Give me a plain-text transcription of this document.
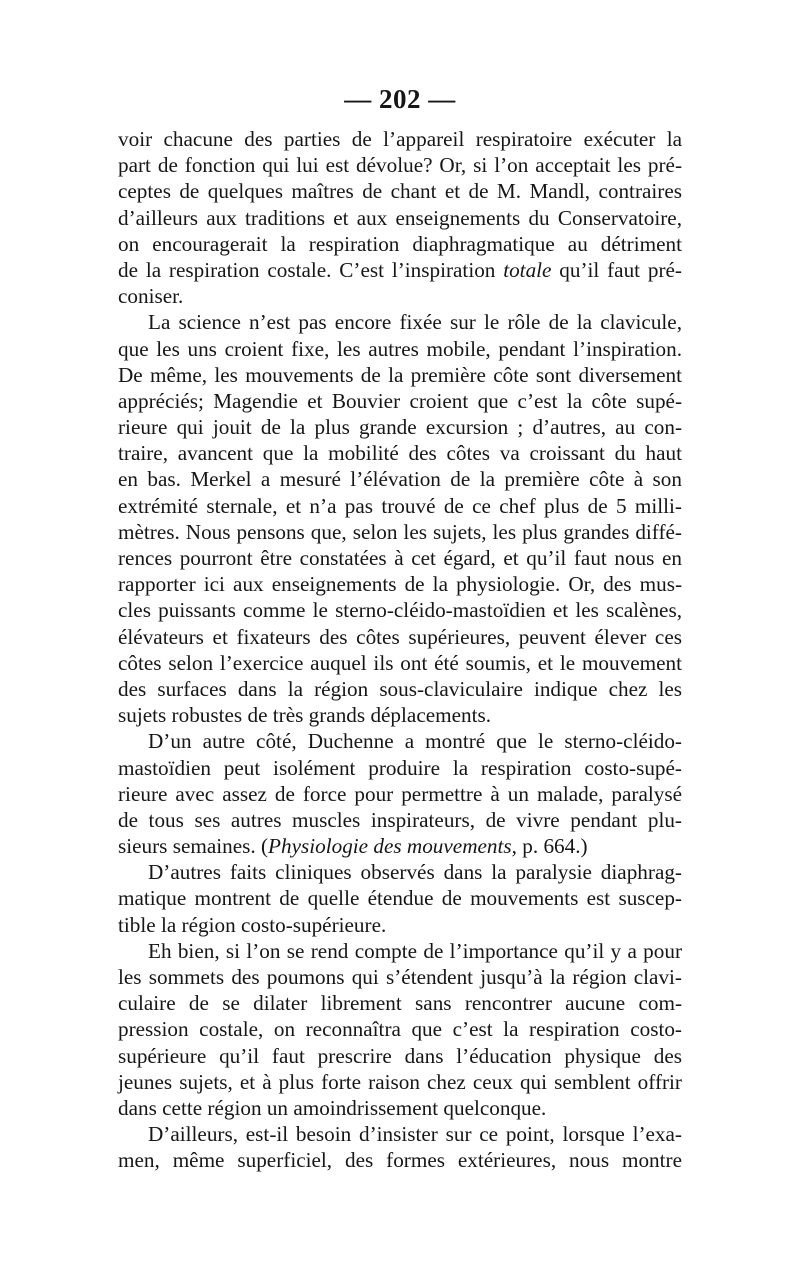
— 202 —
voir chacune des parties de l’appareil respiratoire exécuter la
part de fonction qui lui est dévolue? Or, si l’on acceptait les pré-
ceptes de quelques maîtres de chant et de M. Mandl, contraires
d’ailleurs aux traditions et aux enseignements du Conservatoire,
on encouragerait la respiration diaphragmatique au détriment
de la respiration costale. C’est l’inspiration totale qu’il faut pré-
coniser.
La science n’est pas encore fixée sur le rôle de la clavicule,
que les uns croient fixe, les autres mobile, pendant l’inspiration.
De même, les mouvements de la première côte sont diversement
appréciés; Magendie et Bouvier croient que c’est la côte supé-
rieure qui jouit de la plus grande excursion ; d’autres, au con-
traire, avancent que la mobilité des côtes va croissant du haut
en bas. Merkel a mesuré l’élévation de la première côte à son
extrémité sternale, et n’a pas trouvé de ce chef plus de 5 milli-
mètres. Nous pensons que, selon les sujets, les plus grandes diffé-
rences pourront être constatées à cet égard, et qu’il faut nous en
rapporter ici aux enseignements de la physiologie. Or, des mus-
cles puissants comme le sterno-cléido-mastoïdien et les scalènes,
élévateurs et fixateurs des côtes supérieures, peuvent élever ces
côtes selon l’exercice auquel ils ont été soumis, et le mouvement
des surfaces dans la région sous-claviculaire indique chez les
sujets robustes de très grands déplacements.
D’un autre côté, Duchenne a montré que le sterno-cléido-
mastoïdien peut isolément produire la respiration costo-supé-
rieure avec assez de force pour permettre à un malade, paralysé
de tous ses autres muscles inspirateurs, de vivre pendant plu-
sieurs semaines. (Physiologie des mouvements, p. 664.)
D’autres faits cliniques observés dans la paralysie diaphrag-
matique montrent de quelle étendue de mouvements est suscep-
tible la région costo-supérieure.
Eh bien, si l’on se rend compte de l’importance qu’il y a pour
les sommets des poumons qui s’étendent jusqu’à la région clavi-
culaire de se dilater librement sans rencontrer aucune com-
pression costale, on reconnaîtra que c’est la respiration costo-
supérieure qu’il faut prescrire dans l’éducation physique des
jeunes sujets, et à plus forte raison chez ceux qui semblent offrir
dans cette région un amoindrissement quelconque.
D’ailleurs, est-il besoin d’insister sur ce point, lorsque l’exa-
men, même superficiel, des formes extérieures, nous montre
